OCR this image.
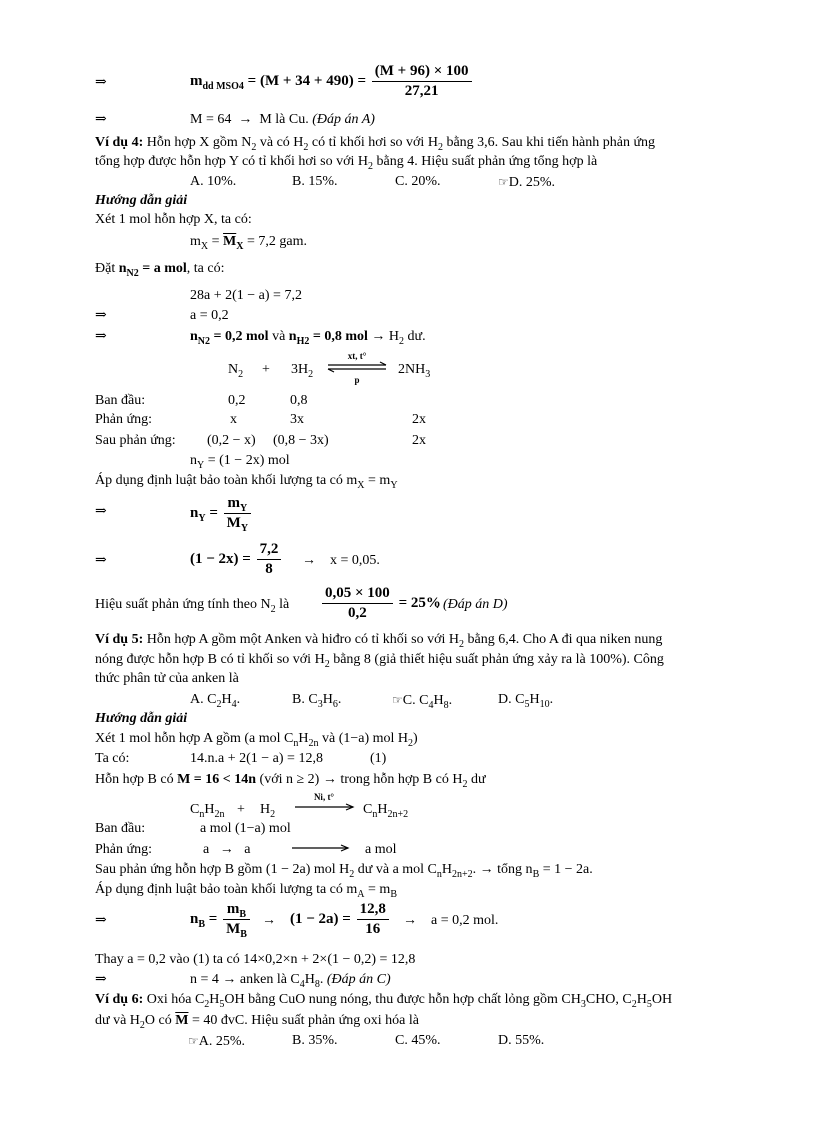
⇒	$m_{dd MSO4} = (M + 34 + 490) = \frac{(M + 96) \times 100}{27,21}$
⇒	M = 64 → M là Cu. (Đáp án A)
Ví dụ 4: Hỗn hợp X gồm $N_2$ và có $H_2$ có tỉ khối hơi so với $H_2$ bằng 3,6. Sau khi tiến hành phản ứng
tổng hợp được hỗn hợp Y có tỉ khối hơi so với $H_2$ bằng 4. Hiệu suất phản ứng tổng hợp là
A. 10%.	B. 15%.	C. 20%.	☞D. 25%.
Hướng dẫn giải
Xét 1 mol hỗn hợp X, ta có:
$m_X = \overline{M}_X = 7,2$ gam.
Đặt $n_{N2} = a$ mol, ta có:
28a + 2(1 − a) = 7,2
⇒	a = 0,2
⇒	$n_{N2} = 0,2$ mol và $n_{H2} = 0,8$ mol → $H_2$ dư.
$N_2 + 3H_2$
xt, t°
p
$2NH_3$
Ban đầu:	0,2	0,8
Phản ứng:	x	3x	2x
Sau phản ứng: (0,2 − x) (0,8 − 3x)	2x
$n_Y = (1 - 2x)$ mol
Áp dụng định luật bảo toàn khối lượng ta có $m_X = m_Y$
⇒	$n_Y = \frac{m_Y}{M_Y}$
⇒	$(1 - 2x) = \frac{7,2}{8} \to x = 0,05$.
Hiệu suất phản ứng tính theo $N_2$ là $\frac{0,05 \times 100}{0,2} = 25\%$
. (Đáp án D)
Ví dụ 5: Hỗn hợp A gồm một Anken và hiđro có tỉ khối so với $H_2$ bằng 6,4. Cho A đi qua niken nung
nóng được hỗn hợp B có tỉ khối so với $H_2$ bằng 8 (giả thiết hiệu suất phản ứng xảy ra là 100%). Công
thức phân tử của anken là
A. $C_2H_4$.	B. $C_3H_6$.	☞C. $C_4H_8$.	D. $C_5H_{10}$.
Hướng dẫn giải
Xét 1 mol hỗn hợp A gồm (a mol $C_nH_{2n}$ và (1−a) mol $H_2$)
Ta có:	14.n.a + 2(1 − a) = 12,8	(1)
Hỗn hợp B có M = 16 < 14n (với n ≥ 2) → trong hỗn hợp B có $H_2$ dư
$C_nH_{2n} + H_2$
Ni, t°
$C_nH_{2n+2}$
Ban đầu:	a mol (1−a) mol
Phản ứng:	a → a	a mol
Sau phản ứng hỗn hợp B gồm (1 − 2a) mol $H_2$ dư và a mol $C_nH_{2n+2}$. → tổng $n_B = 1 - 2a$.
Áp dụng định luật bảo toàn khối lượng ta có $m_A = m_B$
⇒	$n_B = \frac{m_B}{M_B} \to (1 - 2a) = \frac{12,8}{16} \to a = 0,2$ mol.
Thay a = 0,2 vào (1) ta có 14×0,2×n + 2×(1 − 0,2) = 12,8
⇒	n = 4 → anken là $C_4H_8$. (Đáp án C)
Ví dụ 6: Oxi hóa $C_2H_5OH$ bằng CuO nung nóng, thu được hỗn hợp chất lỏng gồm $CH_3CHO$, $C_2H_5OH$
dư và $H_2O$ có $\overline{M} = 40$ đvC. Hiệu suất phản ứng oxi hóa là
☞A. 25%.	B. 35%.	C. 45%.	D. 55%.
